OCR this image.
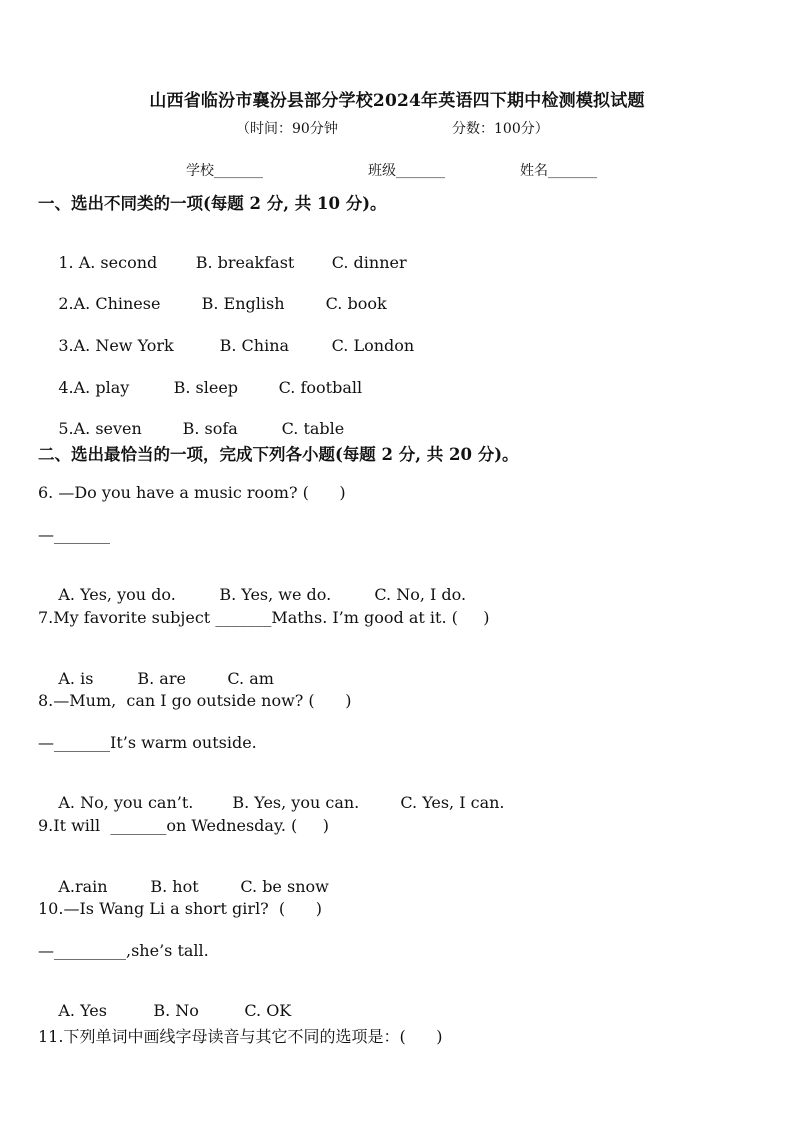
山西省临汾市襄汾县部分学校2024年英语四下期中检测模拟试题
（时间：90分钟	分数：100分）
学校_______	班级_______	姓名_______
一、选出不同类的一项(每题 2 分, 共 10 分)。

1. A. second B. breakfast C. dinner

2.A. Chinese	B. English	C. book

3.A. New York	B. China	C. London

4.A. play	B. sleep	C. football

5.A. seven	B. sofa	C. table

二、选出最恰当的一项，完成下列各小题(每题 2 分, 共 20 分)。
6. —Do you have a music room? (      )
—_______

A. Yes, you do.	B. Yes, we do.	C. No, I do.

7.My favorite subject _______Maths. I’m good at it. (     )

A. is	B. are	C. am

8.—Mum,  can I go outside now? (      )
—_______It’s warm outside.

A. No, you can’t. B. Yes, you can.	C. Yes, I can.

9.It will  _______on Wednesday. (     )

A.rain	B. hot	C. be snow

10.—Is Wang Li a short girl?  (      )
—_________,she’s tall.

A. Yes	B. No	C. OK

11.下列单词中画线字母读音与其它不同的选项是：(      )
